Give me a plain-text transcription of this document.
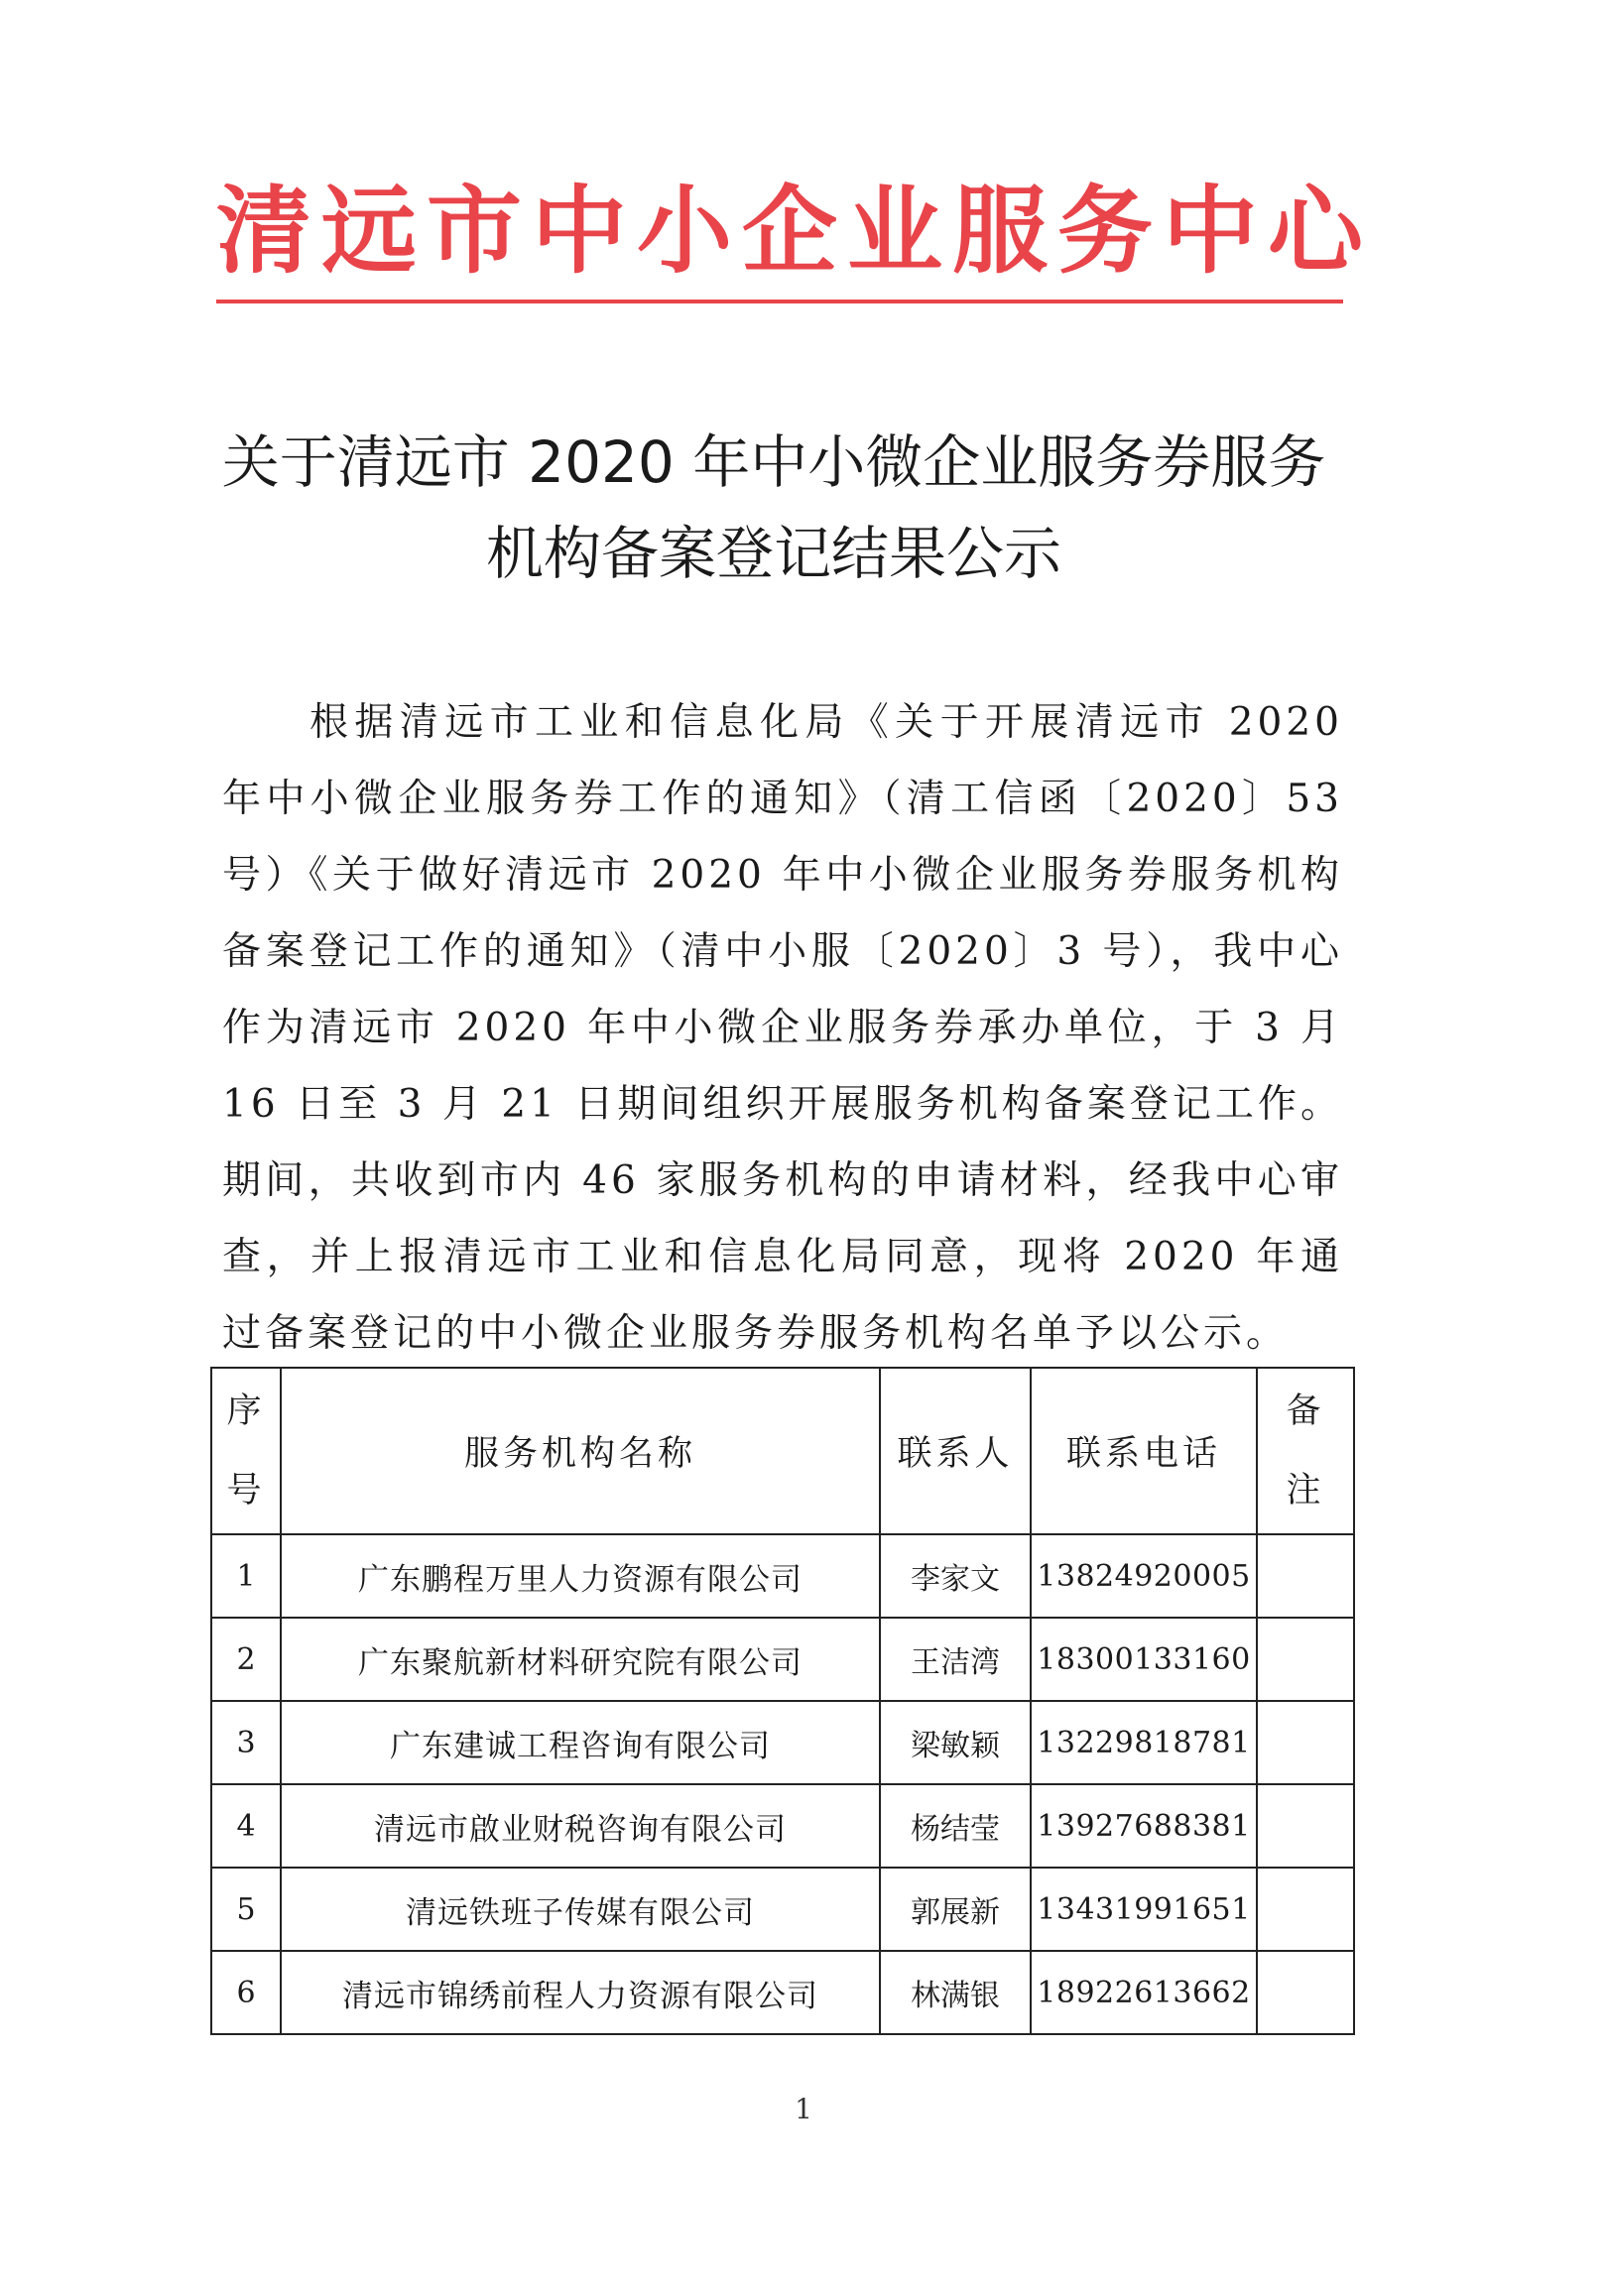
清远市中小企业服务中心
关于清远市 2020 年中小微企业服务券服务
机构备案登记结果公示

根据清远市工业和信息化局《关于开展清远市 2020 年中小微企业服务券工作的通知》（清工信函〔2020〕53 号）《关于做好清远市 2020 年中小微企业服务券服务机构备案登记工作的通知》（清中小服〔2020〕3 号），我中心作为清远市 2020 年中小微企业服务券承办单位，于 3 月 16 日至 3 月 21 日期间组织开展服务机构备案登记工作。期间，共收到市内 46 家服务机构的申请材料，经我中心审查，并上报清远市工业和信息化局同意，现将 2020 年通过备案登记的中小微企业服务券服务机构名单予以公示。

序号	服务机构名称	联系人	联系电话	备注
1	广东鹏程万里人力资源有限公司	李家文	13824920005	
2	广东聚航新材料研究院有限公司	王洁湾	18300133160	
3	广东建诚工程咨询有限公司	梁敏颖	13229818781	
4	清远市啟业财税咨询有限公司	杨结莹	13927688381	
5	清远铁班子传媒有限公司	郭展新	13431991651	
6	清远市锦绣前程人力资源有限公司	林满银	18922613662	
1
